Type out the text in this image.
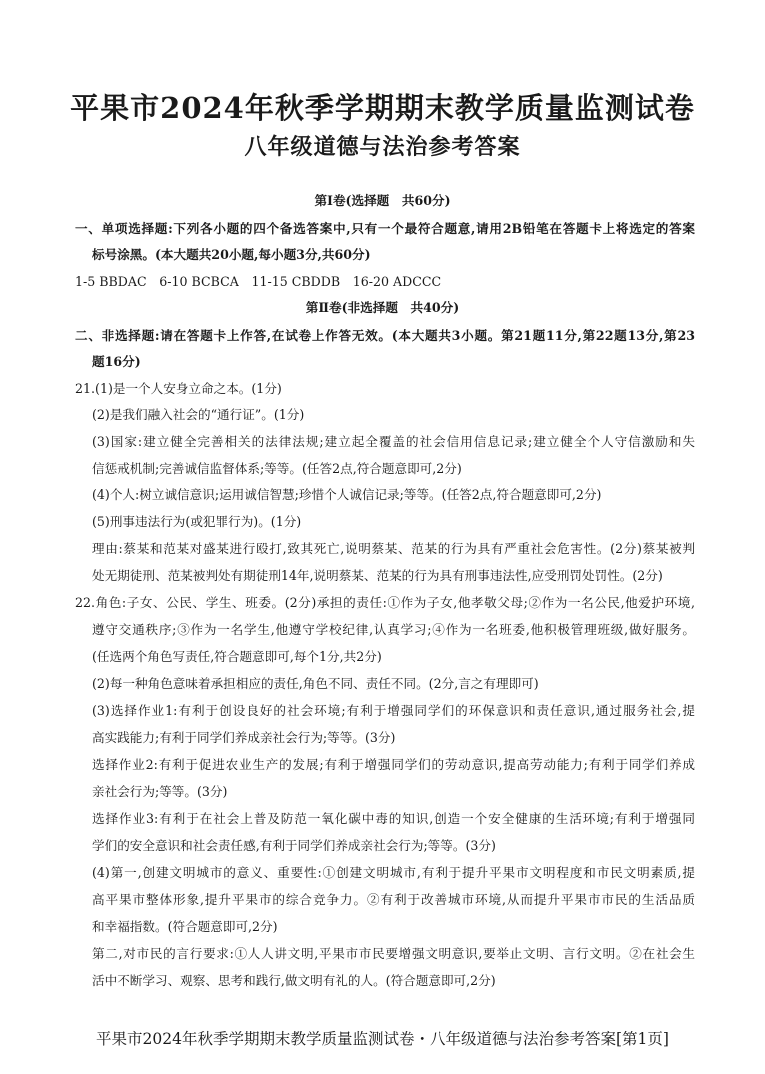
平果市2024年秋季学期期末教学质量监测试卷
八年级道德与法治参考答案
第Ⅰ卷(选择题　共60分)
一、单项选择题:下列各小题的四个备选答案中,只有一个最符合题意,请用2B铅笔在答题卡上将选定的答案
标号涂黑。(本大题共20小题,每小题3分,共60分)
1-5 BBDAC　6-10 BCBCA　11-15 CBDDB　16-20 ADCCC
第Ⅱ卷(非选择题　共40分)
二、非选择题:请在答题卡上作答,在试卷上作答无效。(本大题共3小题。第21题11分,第22题13分,第23
题16分)
21.(1)是一个人安身立命之本。(1分)
(2)是我们融入社会的“通行证”。(1分)
(3)国家:建立健全完善相关的法律法规;建立起全覆盖的社会信用信息记录;建立健全个人守信激励和失
信惩戒机制;完善诚信监督体系;等等。(任答2点,符合题意即可,2分)
(4)个人:树立诚信意识;运用诚信智慧;珍惜个人诚信记录;等等。(任答2点,符合题意即可,2分)
(5)刑事违法行为(或犯罪行为)。(1分)
理由:蔡某和范某对盛某进行殴打,致其死亡,说明蔡某、范某的行为具有严重社会危害性。(2分)蔡某被判
处无期徒刑、范某被判处有期徒刑14年,说明蔡某、范某的行为具有刑事违法性,应受刑罚处罚性。(2分)
22.角色:子女、公民、学生、班委。(2分)承担的责任:①作为子女,他孝敬父母;②作为一名公民,他爱护环境,
遵守交通秩序;③作为一名学生,他遵守学校纪律,认真学习;④作为一名班委,他积极管理班级,做好服务。
(任选两个角色写责任,符合题意即可,每个1分,共2分)
(2)每一种角色意味着承担相应的责任,角色不同、责任不同。(2分,言之有理即可)
(3)选择作业1:有利于创设良好的社会环境;有利于增强同学们的环保意识和责任意识,通过服务社会,提
高实践能力;有利于同学们养成亲社会行为;等等。(3分)
选择作业2:有利于促进农业生产的发展;有利于增强同学们的劳动意识,提高劳动能力;有利于同学们养成
亲社会行为;等等。(3分)
选择作业3:有利于在社会上普及防范一氧化碳中毒的知识,创造一个安全健康的生活环境;有利于增强同
学们的安全意识和社会责任感,有利于同学们养成亲社会行为;等等。(3分)
(4)第一,创建文明城市的意义、重要性:①创建文明城市,有利于提升平果市文明程度和市民文明素质,提
高平果市整体形象,提升平果市的综合竞争力。②有利于改善城市环境,从而提升平果市市民的生活品质
和幸福指数。(符合题意即可,2分)
第二,对市民的言行要求:①人人讲文明,平果市市民要增强文明意识,要举止文明、言行文明。②在社会生
活中不断学习、观察、思考和践行,做文明有礼的人。(符合题意即可,2分)
平果市2024年秋季学期期末教学质量监测试卷・八年级道德与法治参考答案[第1页]
